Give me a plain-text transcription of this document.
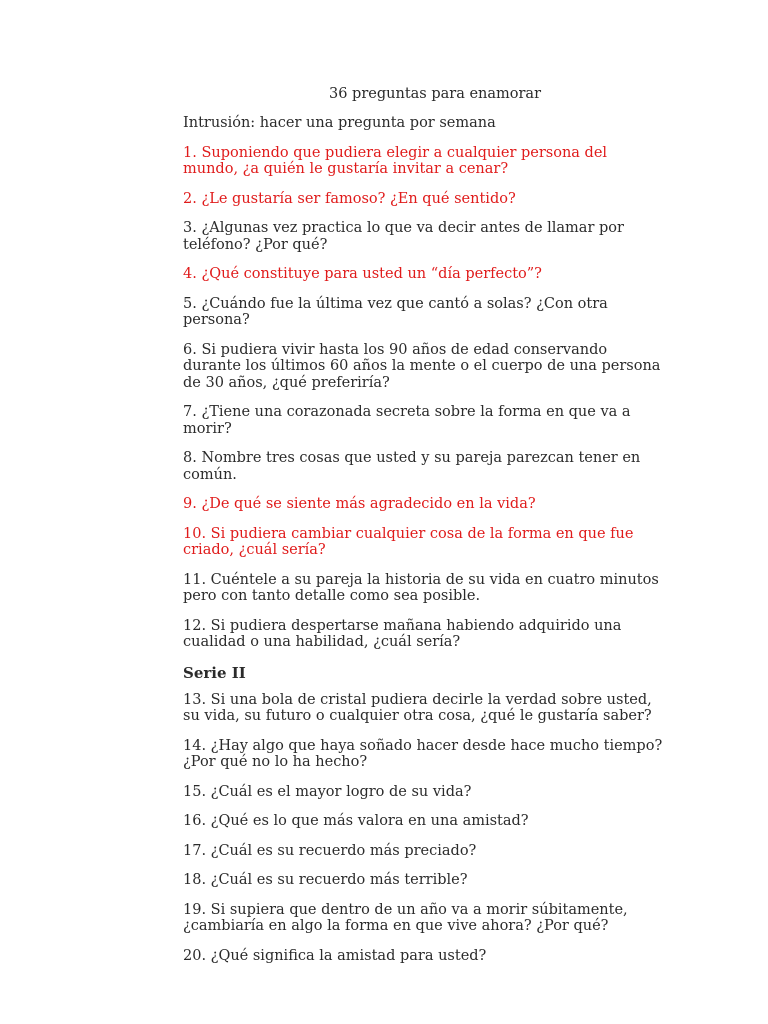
36 preguntas para enamorar

Intrusión: hacer una pregunta por semana

1. Suponiendo que pudiera elegir a cualquier persona del mundo, ¿a quién le gustaría invitar a cenar?

2. ¿Le gustaría ser famoso? ¿En qué sentido?

3. ¿Algunas vez practica lo que va decir antes de llamar por teléfono? ¿Por qué?

4. ¿Qué constituye para usted un “día perfecto”?

5. ¿Cuándo fue la última vez que cantó a solas? ¿Con otra persona?

6. Si pudiera vivir hasta los 90 años de edad conservando durante los últimos 60 años la mente o el cuerpo de una persona de 30 años, ¿qué preferiría?

7. ¿Tiene una corazonada secreta sobre la forma en que va a morir?

8. Nombre tres cosas que usted y su pareja parezcan tener en común.

9. ¿De qué se siente más agradecido en la vida?

10. Si pudiera cambiar cualquier cosa de la forma en que fue criado, ¿cuál sería?

11. Cuéntele a su pareja la historia de su vida en cuatro minutos pero con tanto detalle como sea posible.

12. Si pudiera despertarse mañana habiendo adquirido una cualidad o una habilidad, ¿cuál sería?

Serie II

13. Si una bola de cristal pudiera decirle la verdad sobre usted, su vida, su futuro o cualquier otra cosa, ¿qué le gustaría saber?

14. ¿Hay algo que haya soñado hacer desde hace mucho tiempo? ¿Por qué no lo ha hecho?

15. ¿Cuál es el mayor logro de su vida?

16. ¿Qué es lo que más valora en una amistad?

17. ¿Cuál es su recuerdo más preciado?

18. ¿Cuál es su recuerdo más terrible?

19. Si supiera que dentro de un año va a morir súbitamente, ¿cambiaría en algo la forma en que vive ahora? ¿Por qué?

20. ¿Qué significa la amistad para usted?
